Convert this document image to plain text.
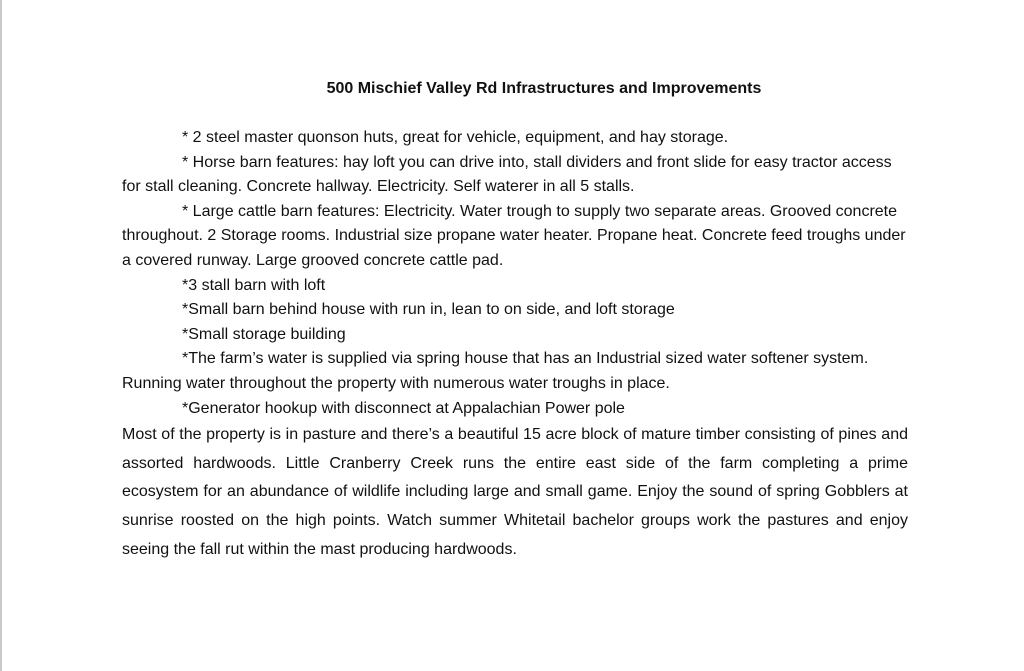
500 Mischief Valley Rd Infrastructures and Improvements

* 2 steel master quonson huts, great for vehicle, equipment, and hay storage.

* Horse barn features: hay loft you can drive into, stall dividers and front slide for easy tractor access for stall cleaning. Concrete hallway. Electricity. Self waterer in all 5 stalls.

* Large cattle barn features: Electricity. Water trough to supply two separate areas. Grooved concrete throughout. 2 Storage rooms. Industrial size propane water heater. Propane heat. Concrete feed troughs under a covered runway. Large grooved concrete cattle pad.

*3 stall barn with loft

*Small barn behind house with run in, lean to on side, and loft storage

*Small storage building

*The farm’s water is supplied via spring house that has an Industrial sized water softener system. Running water throughout the property with numerous water troughs in place.

*Generator hookup with disconnect at Appalachian Power pole

Most of the property is in pasture and there’s a beautiful 15 acre block of mature timber consisting of pines and assorted hardwoods. Little Cranberry Creek runs the entire east side of the farm completing a prime ecosystem for an abundance of wildlife including large and small game. Enjoy the sound of spring Gobblers at sunrise roosted on the high points. Watch summer Whitetail bachelor groups work the pastures and enjoy seeing the fall rut within the mast producing hardwoods.
